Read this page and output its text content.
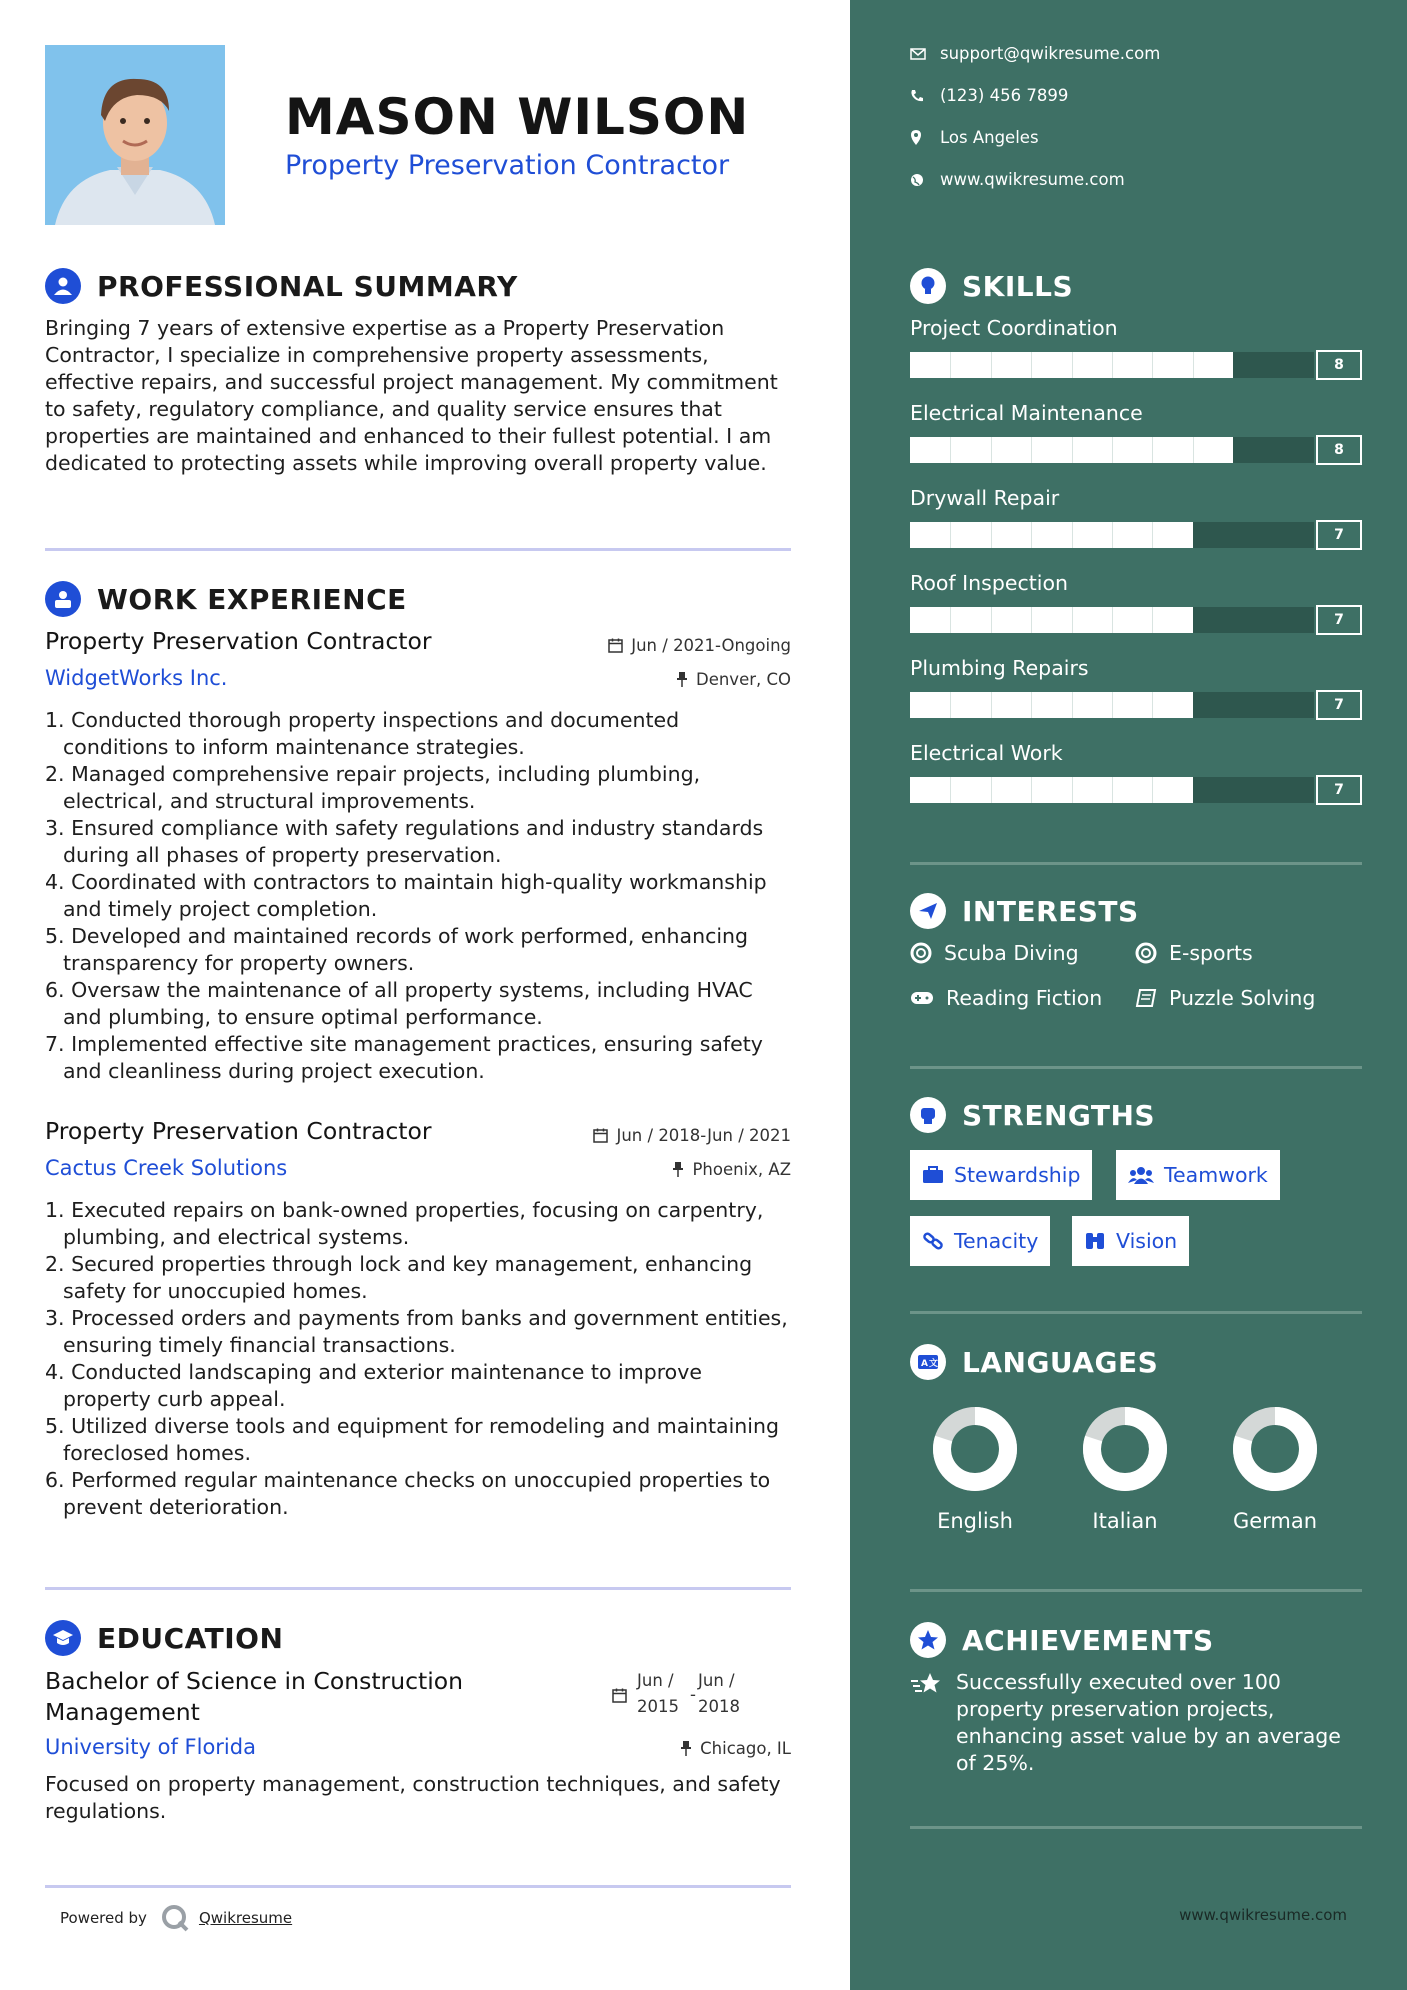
MASON WILSON
Property Preservation Contractor
PROFESSIONAL SUMMARY
Bringing 7 years of extensive expertise as a Property Preservation Contractor, I specialize in comprehensive property assessments, effective repairs, and successful project management. My commitment to safety, regulatory compliance, and quality service ensures that properties are maintained and enhanced to their fullest potential. I am dedicated to protecting assets while improving overall property value.
WORK EXPERIENCE
Property Preservation Contractor	Jun / 2021-Ongoing
WidgetWorks Inc.	Denver, CO
1. Conducted thorough property inspections and documented conditions to inform maintenance strategies.
2. Managed comprehensive repair projects, including plumbing, electrical, and structural improvements.
3. Ensured compliance with safety regulations and industry standards during all phases of property preservation.
4. Coordinated with contractors to maintain high-quality workmanship and timely project completion.
5. Developed and maintained records of work performed, enhancing transparency for property owners.
6. Oversaw the maintenance of all property systems, including HVAC and plumbing, to ensure optimal performance.
7. Implemented effective site management practices, ensuring safety and cleanliness during project execution.
Property Preservation Contractor	Jun / 2018-Jun / 2021
Cactus Creek Solutions	Phoenix, AZ
1. Executed repairs on bank-owned properties, focusing on carpentry, plumbing, and electrical systems.
2. Secured properties through lock and key management, enhancing safety for unoccupied homes.
3. Processed orders and payments from banks and government entities, ensuring timely financial transactions.
4. Conducted landscaping and exterior maintenance to improve property curb appeal.
5. Utilized diverse tools and equipment for remodeling and maintaining foreclosed homes.
6. Performed regular maintenance checks on unoccupied properties to prevent deterioration.
EDUCATION
Bachelor of Science in Construction Management
Jun /
2015
-
Jun /
2018
University of Florida	Chicago, IL
Focused on property management, construction techniques, and safety regulations.
Powered by	Qwikresume
support@qwikresume.com
(123) 456 7899
Los Angeles
www.qwikresume.com
SKILLS
Project Coordination
8
Electrical Maintenance
8
Drywall Repair
7
Roof Inspection
7
Plumbing Repairs
7
Electrical Work
7
INTERESTS
Scuba Diving	E-sports
Reading Fiction	Puzzle Solving
STRENGTHS
Stewardship	Teamwork
Tenacity	Vision
A 文 LANGUAGES
English	Italian	German
ACHIEVEMENTS
Successfully executed over 100 property preservation projects, enhancing asset value by an average of 25%.
www.qwikresume.com
